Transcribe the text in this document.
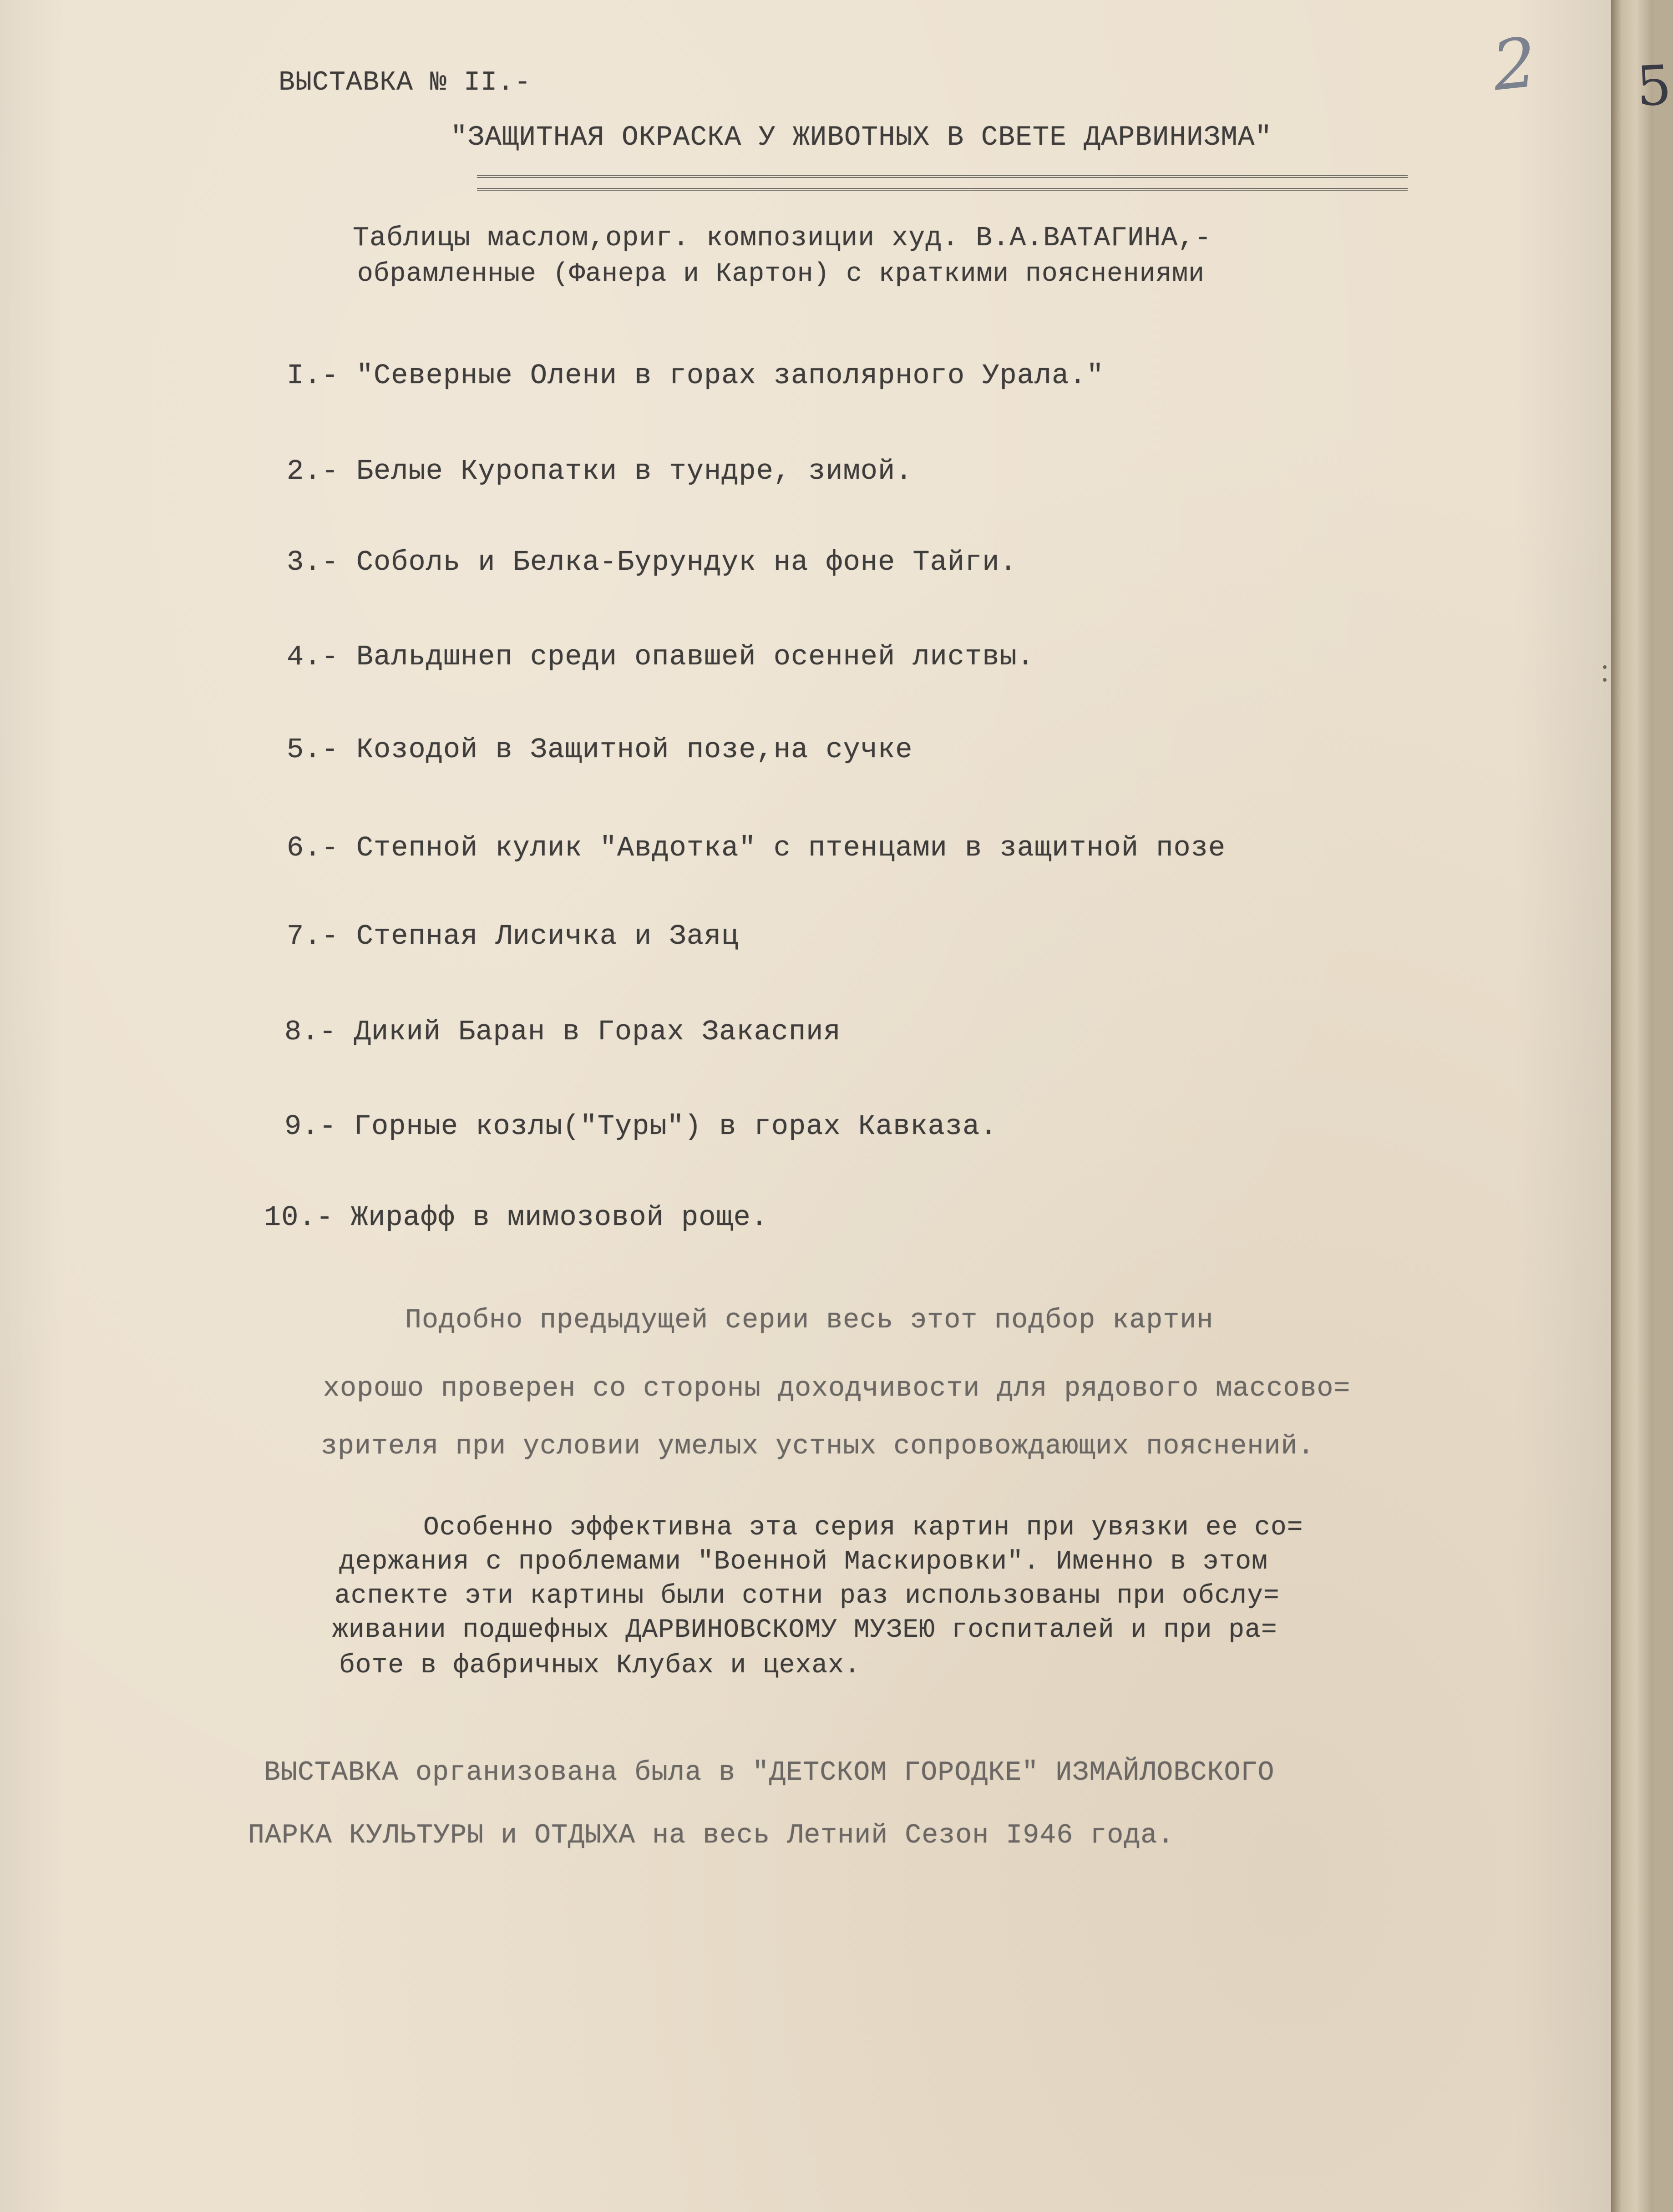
2
ВЫСТАВКА № II.-
"ЗАЩИТНАЯ ОКРАСКА У ЖИВОТНЫХ В СВЕТЕ ДАРВИНИЗМА"
Таблицы маслом,ориг. композиции худ. В.А.ВАТАГИНА,-
обрамленные (Фанера и Картон) с краткими пояснениями
I.- "Северные Олени в горах заполярного Урала."
2.- Белые Куропатки в тундре, зимой.
3.- Соболь и Белка-Бурундук на фоне Тайги.
4.- Вальдшнеп среди опавшей осенней листвы.
5.- Козодой в Защитной позе,на сучке
6.- Степной кулик "Авдотка" с птенцами в защитной позе
7.- Степная Лисичка и Заяц
8.- Дикий Баран в Горах Закаспия
9.- Горные козлы("Туры") в горах Кавказа.
10.- Жирафф в мимозовой роще.
Подобно предыдущей серии весь этот подбор картин
хорошо проверен со стороны доходчивости для рядового массово=
зрителя при условии умелых устных сопровождающих пояснений.
Особенно эффективна эта серия картин при увязки ее со=
держания с проблемами "Военной Маскировки". Именно в этом
аспекте эти картины были сотни раз использованы при обслу=
живании подшефных ДАРВИНОВСКОМУ МУЗЕЮ госпиталей и при ра=
боте в фабричных Клубах и цехах.
ВЫСТАВКА организована была в "ДЕТСКОМ ГОРОДКЕ" ИЗМАЙЛОВСКОГО
ПАРКА КУЛЬТУРЫ и ОТДЫХА на весь Летний Сезон I946 года.
5
